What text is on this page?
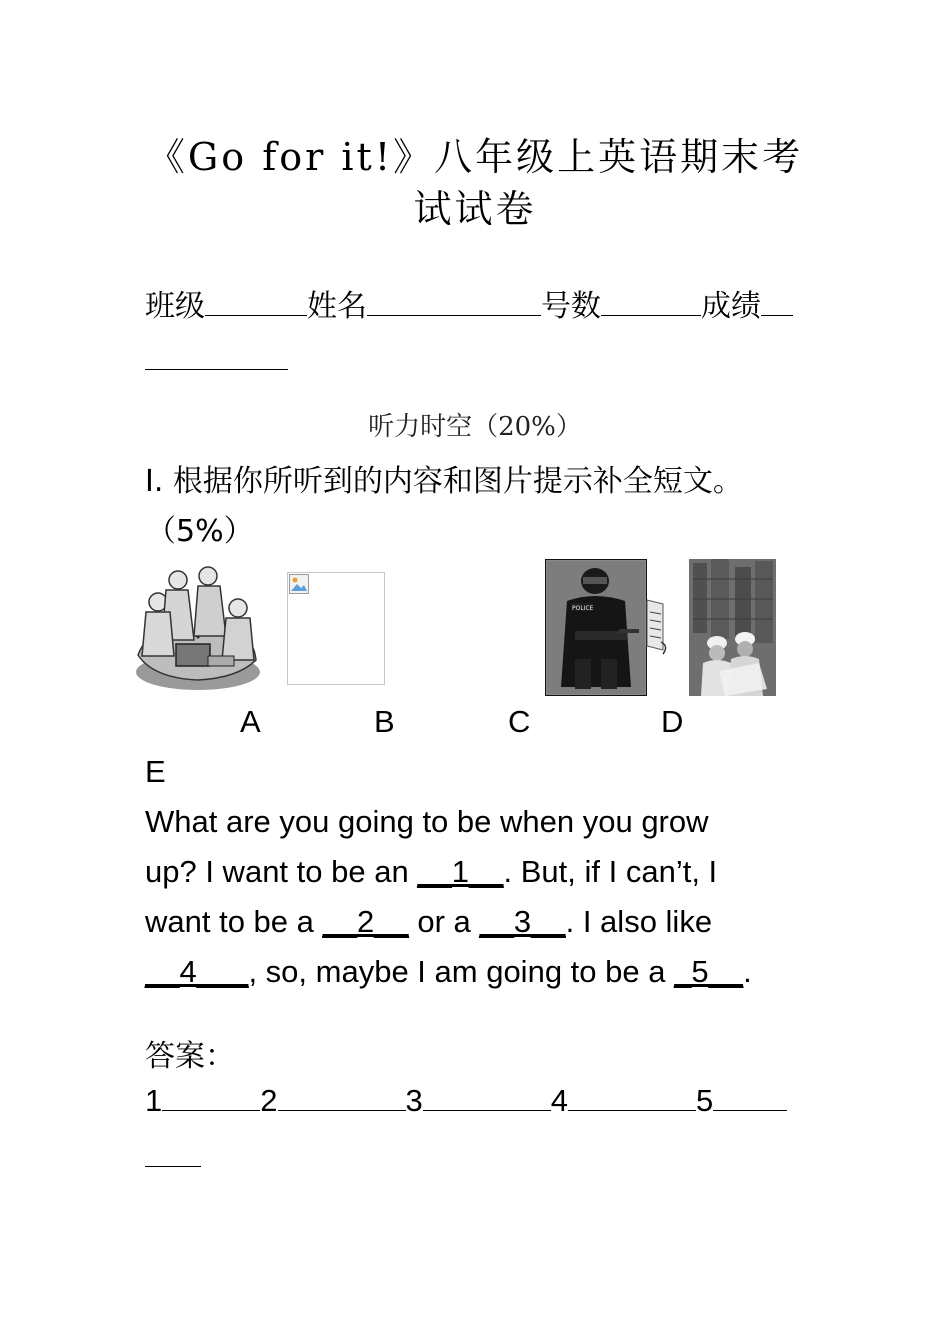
《Go for it!》八年级上英语期末考
试试卷
班级	姓名	号数	成绩
听力时空（20%）
I. 根据你所听到的内容和图片提示补全短文。
（5%）
POLICE
A	B	C	D
E
What are you going to be when you grow
up? I want to be an __1__. But, if I can’t, I
want to be a __2__ or a __3__. I also like
__4___, so, maybe I am going to be a _5__.
答案：
1	2	3	4	5
